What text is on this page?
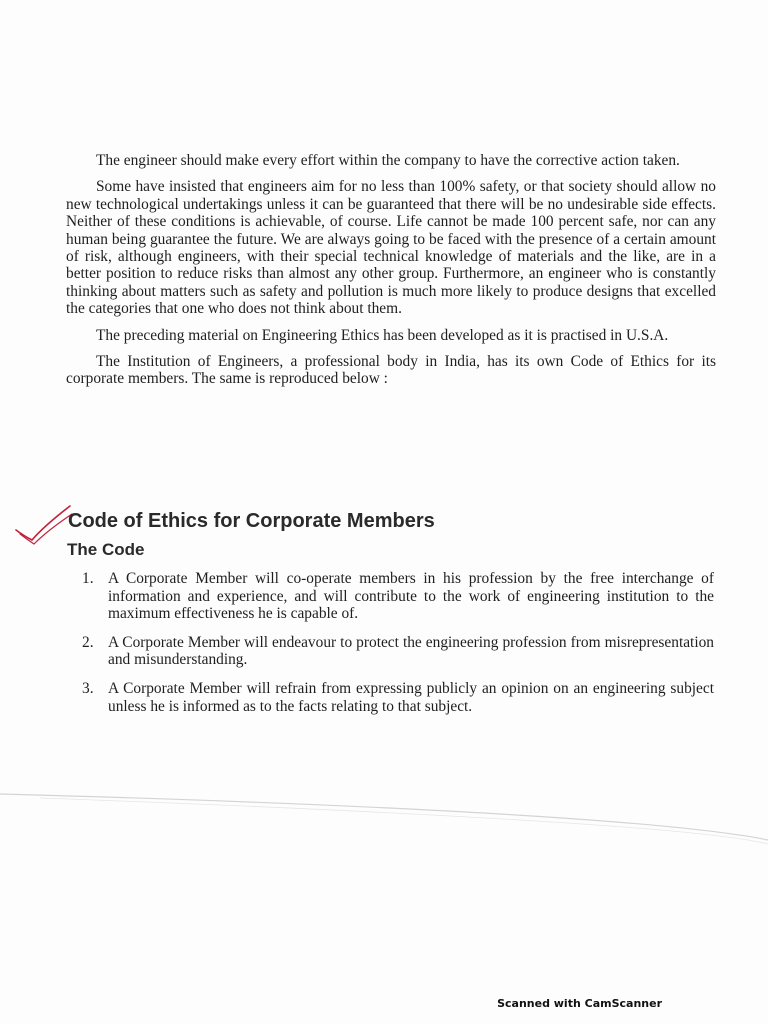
The engineer should make every effort within the company to have the corrective action taken.

Some have insisted that engineers aim for no less than 100% safety, or that society should allow no new technological undertakings unless it can be guaranteed that there will be no undesirable side effects. Neither of these conditions is achievable, of course. Life cannot be made 100 percent safe, nor can any human being guarantee the future. We are always going to be faced with the presence of a certain amount of risk, although engineers, with their special technical knowledge of materials and the like, are in a better position to reduce risks than almost any other group. Furthermore, an engineer who is constantly thinking about matters such as safety and pollution is much more likely to produce designs that excelled the categories that one who does not think about them.

The preceding material on Engineering Ethics has been developed as it is practised in U.S.A.

The Institution of Engineers, a professional body in India, has its own Code of Ethics for its corporate members. The same is reproduced below :

Code of Ethics for Corporate Members
The Code
1. A Corporate Member will co-operate members in his profession by the free interchange of information and experience, and will contribute to the work of engineering institution to the maximum effectiveness he is capable of.
2. A Corporate Member will endeavour to protect the engineering profession from misrepresentation and misunderstanding.
3. A Corporate Member will refrain from expressing publicly an opinion on an engineering subject unless he is informed as to the facts relating to that subject.
Scanned with CamScanner
